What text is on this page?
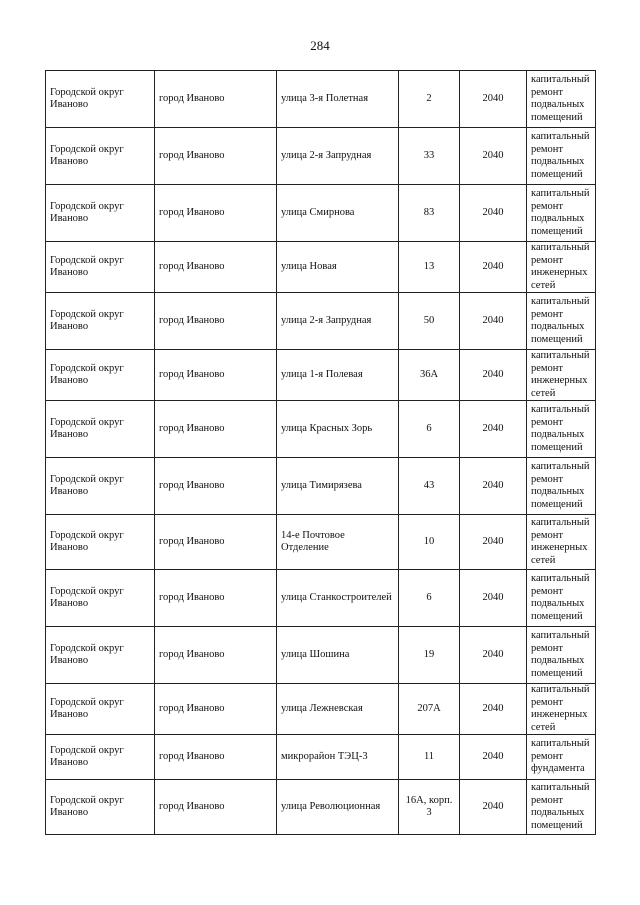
284
Городской округ Иваново	город Иваново	улица 3-я Полетная	2	2040	капитальный ремонт подвальных помещений
Городской округ Иваново	город Иваново	улица 2-я Запрудная	33	2040	капитальный ремонт подвальных помещений
Городской округ Иваново	город Иваново	улица Смирнова	83	2040	капитальный ремонт подвальных помещений
Городской округ Иваново	город Иваново	улица Новая	13	2040	капитальный ремонт инженерных сетей
Городской округ Иваново	город Иваново	улица 2-я Запрудная	50	2040	капитальный ремонт подвальных помещений
Городской округ Иваново	город Иваново	улица 1-я Полевая	36А	2040	капитальный ремонт инженерных сетей
Городской округ Иваново	город Иваново	улица Красных Зорь	6	2040	капитальный ремонт подвальных помещений
Городской округ Иваново	город Иваново	улица Тимирязева	43	2040	капитальный ремонт подвальных помещений
Городской округ Иваново	город Иваново	14-е Почтовое Отделение	10	2040	капитальный ремонт инженерных сетей
Городской округ Иваново	город Иваново	улица Станкостроителей	6	2040	капитальный ремонт подвальных помещений
Городской округ Иваново	город Иваново	улица Шошина	19	2040	капитальный ремонт подвальных помещений
Городской округ Иваново	город Иваново	улица Лежневская	207А	2040	капитальный ремонт инженерных сетей
Городской округ Иваново	город Иваново	микрорайон ТЭЦ-3	11	2040	капитальный ремонт фундамента
Городской округ Иваново	город Иваново	улица Революционная	16А, корп. 3	2040	капитальный ремонт подвальных помещений
